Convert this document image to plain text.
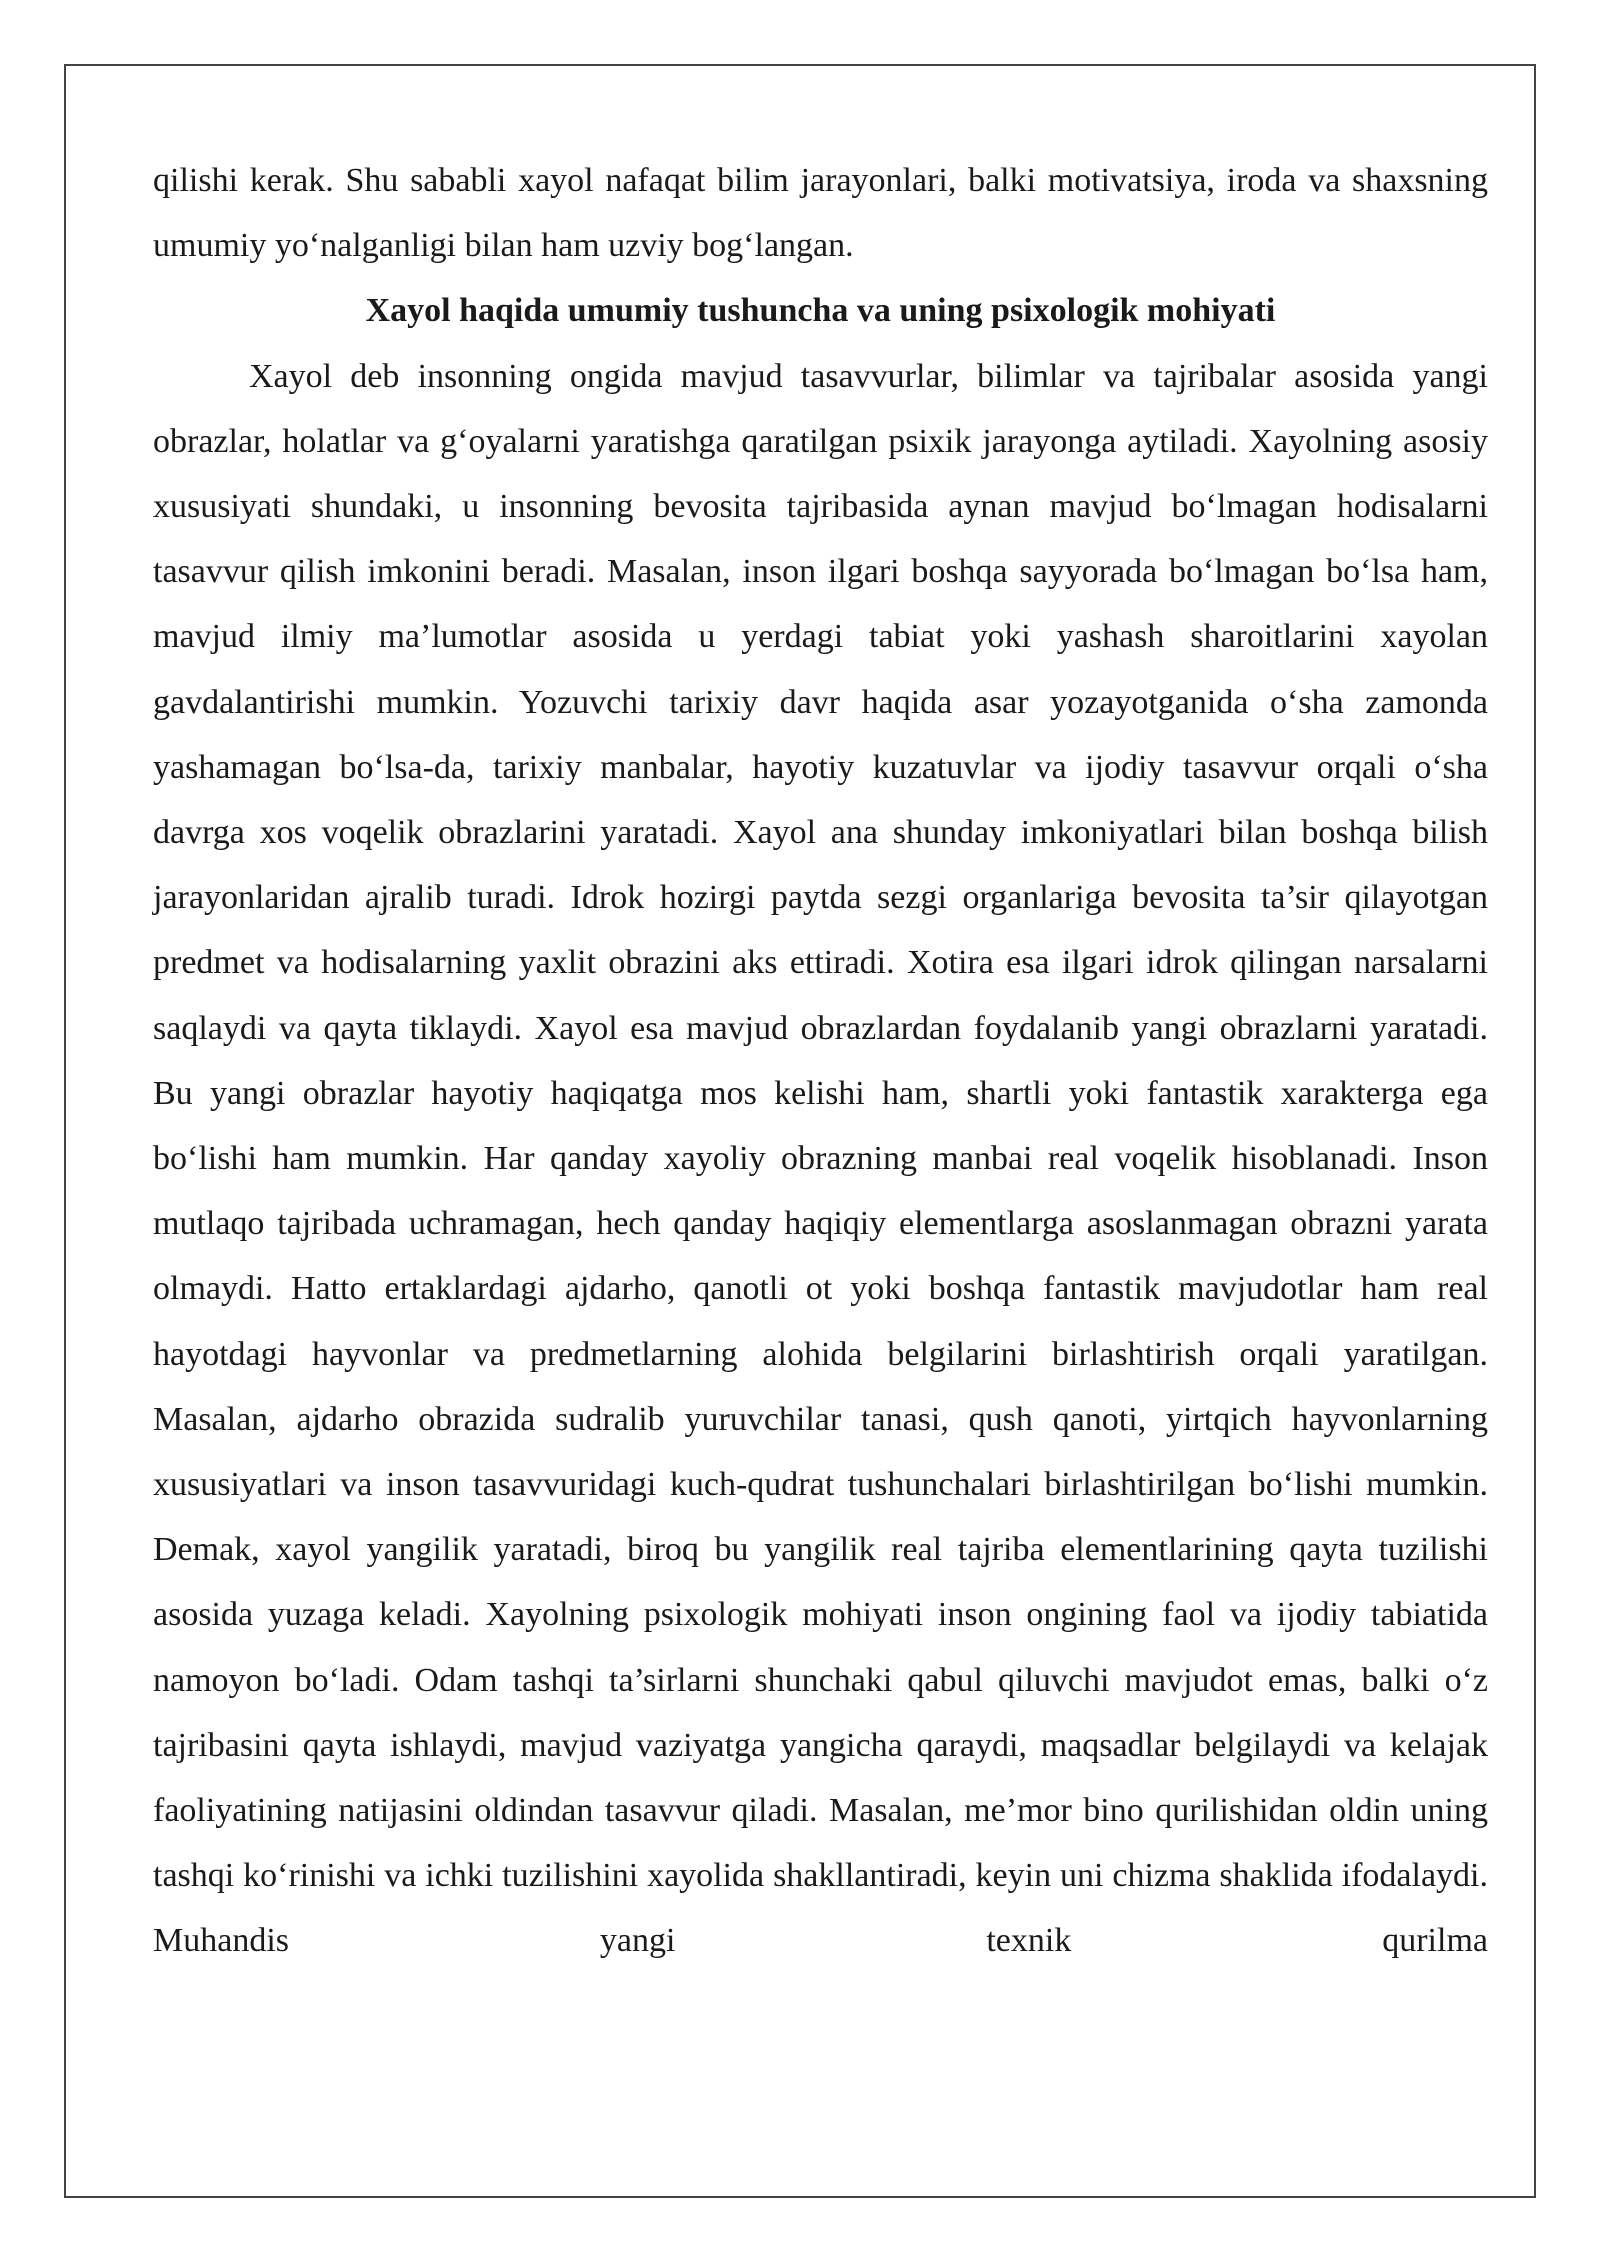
qilishi kerak. Shu sababli xayol nafaqat bilim jarayonlari, balki motivatsiya, iroda va shaxsning umumiy yo‘nalganligi bilan ham uzviy bog‘langan.

Xayol haqida umumiy tushuncha va uning psixologik mohiyati

Xayol deb insonning ongida mavjud tasavvurlar, bilimlar va tajribalar asosida yangi obrazlar, holatlar va g‘oyalarni yaratishga qaratilgan psixik jarayonga aytiladi. Xayolning asosiy xususiyati shundaki, u insonning bevosita tajribasida aynan mavjud bo‘lmagan hodisalarni tasavvur qilish imkonini beradi. Masalan, inson ilgari boshqa sayyorada bo‘lmagan bo‘lsa ham, mavjud ilmiy ma’lumotlar asosida u yerdagi tabiat yoki yashash sharoitlarini xayolan gavdalantirishi mumkin. Yozuvchi tarixiy davr haqida asar yozayotganida o‘sha zamonda yashamagan bo‘lsa-da, tarixiy manbalar, hayotiy kuzatuvlar va ijodiy tasavvur orqali o‘sha davrga xos voqelik obrazlarini yaratadi. Xayol ana shunday imkoniyatlari bilan boshqa bilish jarayonlaridan ajralib turadi. Idrok hozirgi paytda sezgi organlariga bevosita ta’sir qilayotgan predmet va hodisalarning yaxlit obrazini aks ettiradi. Xotira esa ilgari idrok qilingan narsalarni saqlaydi va qayta tiklaydi. Xayol esa mavjud obrazlardan foydalanib yangi obrazlarni yaratadi. Bu yangi obrazlar hayotiy haqiqatga mos kelishi ham, shartli yoki fantastik xarakterga ega bo‘lishi ham mumkin. Har qanday xayoliy obrazning manbai real voqelik hisoblanadi. Inson mutlaqo tajribada uchramagan, hech qanday haqiqiy elementlarga asoslanmagan obrazni yarata olmaydi. Hatto ertaklardagi ajdarho, qanotli ot yoki boshqa fantastik mavjudotlar ham real hayotdagi hayvonlar va predmetlarning alohida belgilarini birlashtirish orqali yaratilgan. Masalan, ajdarho obrazida sudralib yuruvchilar tanasi, qush qanoti, yirtqich hayvonlarning xususiyatlari va inson tasavvuridagi kuch-qudrat tushunchalari birlashtirilgan bo‘lishi mumkin. Demak, xayol yangilik yaratadi, biroq bu yangilik real tajriba elementlarining qayta tuzilishi asosida yuzaga keladi. Xayolning psixologik mohiyati inson ongining faol va ijodiy tabiatida namoyon bo‘ladi. Odam tashqi ta’sirlarni shunchaki qabul qiluvchi mavjudot emas, balki o‘z tajribasini qayta ishlaydi, mavjud vaziyatga yangicha qaraydi, maqsadlar belgilaydi va kelajak faoliyatining natijasini oldindan tasavvur qiladi. Masalan, me’mor bino qurilishidan oldin uning tashqi ko‘rinishi va ichki tuzilishini xayolida shakllantiradi, keyin uni chizma shaklida ifodalaydi. Muhandis yangi texnik qurilma
